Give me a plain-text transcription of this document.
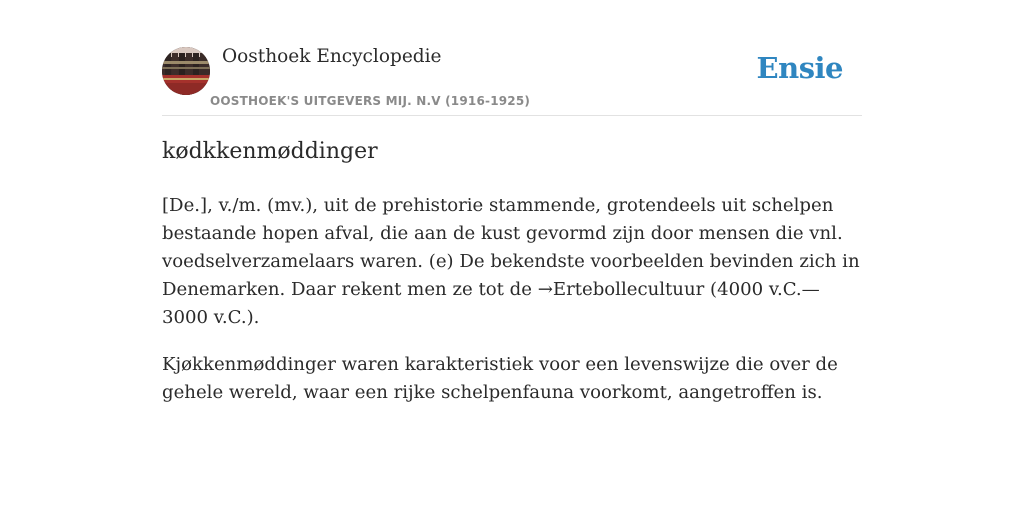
Oosthoek Encyclopedie
OOSTHOEK'S UITGEVERS MIJ. N.V (1916-1925)
Ensie
kødkkenmøddinger

[De.], v./m. (mv.), uit de prehistorie stammende, grotendeels uit schelpen bestaande hopen afval, die aan de kust gevormd zijn door mensen die vnl. voedselverzamelaars waren. (e) De bekendste voorbeelden bevinden zich in Denemarken. Daar rekent men ze tot de →Ertebollecultuur (4000 v.C.—3000 v.C.).

Kjøkkenmøddinger waren karakteristiek voor een levenswijze die over de gehele wereld, waar een rijke schelpenfauna voorkomt, aangetroffen is.
